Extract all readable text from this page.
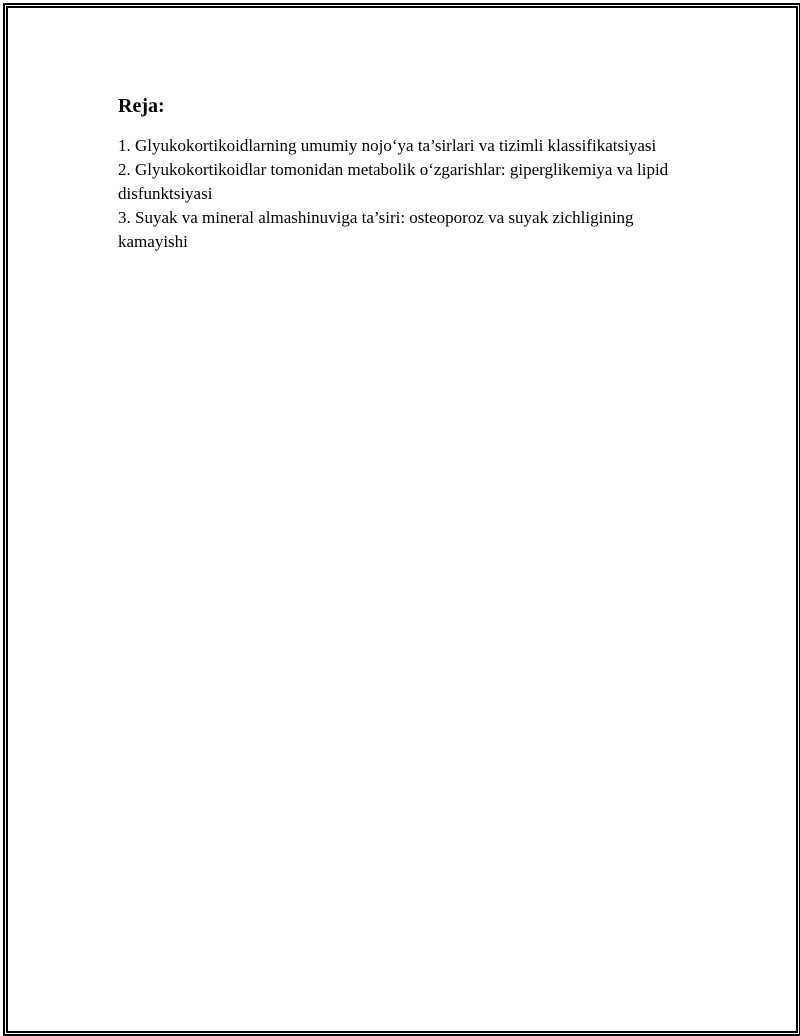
Reja:

1. Glyukokortikoidlarning umumiy nojo‘ya ta’sirlari va tizimli klassifikatsiyasi

2. Glyukokortikoidlar tomonidan metabolik o‘zgarishlar: giperglikemiya va lipid disfunktsiyasi

3. Suyak va mineral almashinuviga ta’siri: osteoporoz va suyak zichligining kamayishi
